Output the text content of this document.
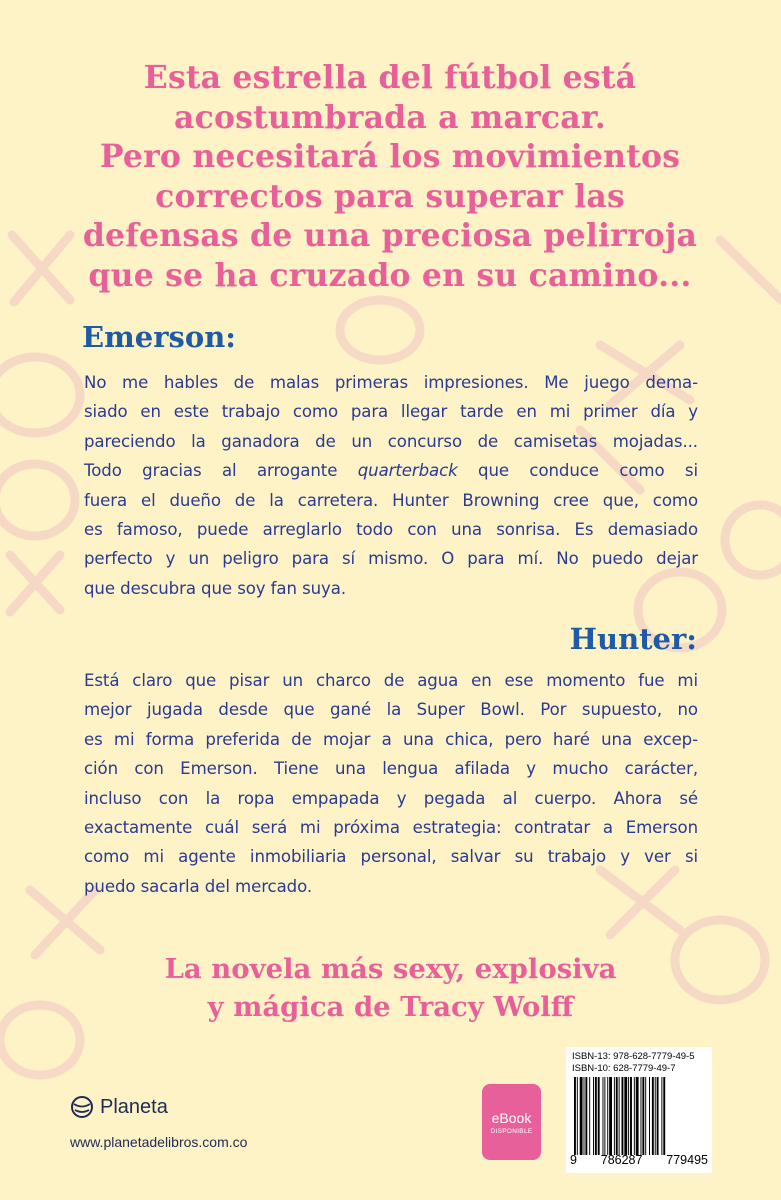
Esta estrella del fútbol está
acostumbrada a marcar.
Pero necesitará los movimientos
correctos para superar las
defensas de una preciosa pelirroja
que se ha cruzado en su camino...
Emerson:
No me hables de malas primeras impresiones. Me juego dema-
siado en este trabajo como para llegar tarde en mi primer día y
pareciendo la ganadora de un concurso de camisetas mojadas...
Todo gracias al arrogante quarterback que conduce como si
fuera el dueño de la carretera. Hunter Browning cree que, como
es famoso, puede arreglarlo todo con una sonrisa. Es demasiado
perfecto y un peligro para sí mismo. O para mí. No puedo dejar
que descubra que soy fan suya.
Hunter:
Está claro que pisar un charco de agua en ese momento fue mi
mejor jugada desde que gané la Super Bowl. Por supuesto, no
es mi forma preferida de mojar a una chica, pero haré una excep-
ción con Emerson. Tiene una lengua afilada y mucho carácter,
incluso con la ropa empapada y pegada al cuerpo. Ahora sé
exactamente cuál será mi próxima estrategia: contratar a Emerson
como mi agente inmobiliaria personal, salvar su trabajo y ver si
puedo sacarla del mercado.
La novela más sexy, explosiva
y mágica de Tracy Wolff
Planeta
www.planetadelibros.com.co
eBook
DISPONIBLE
ISBN-13: 978-628-7779-49-5
ISBN-10: 628-7779-49-7
9 786287 779495
